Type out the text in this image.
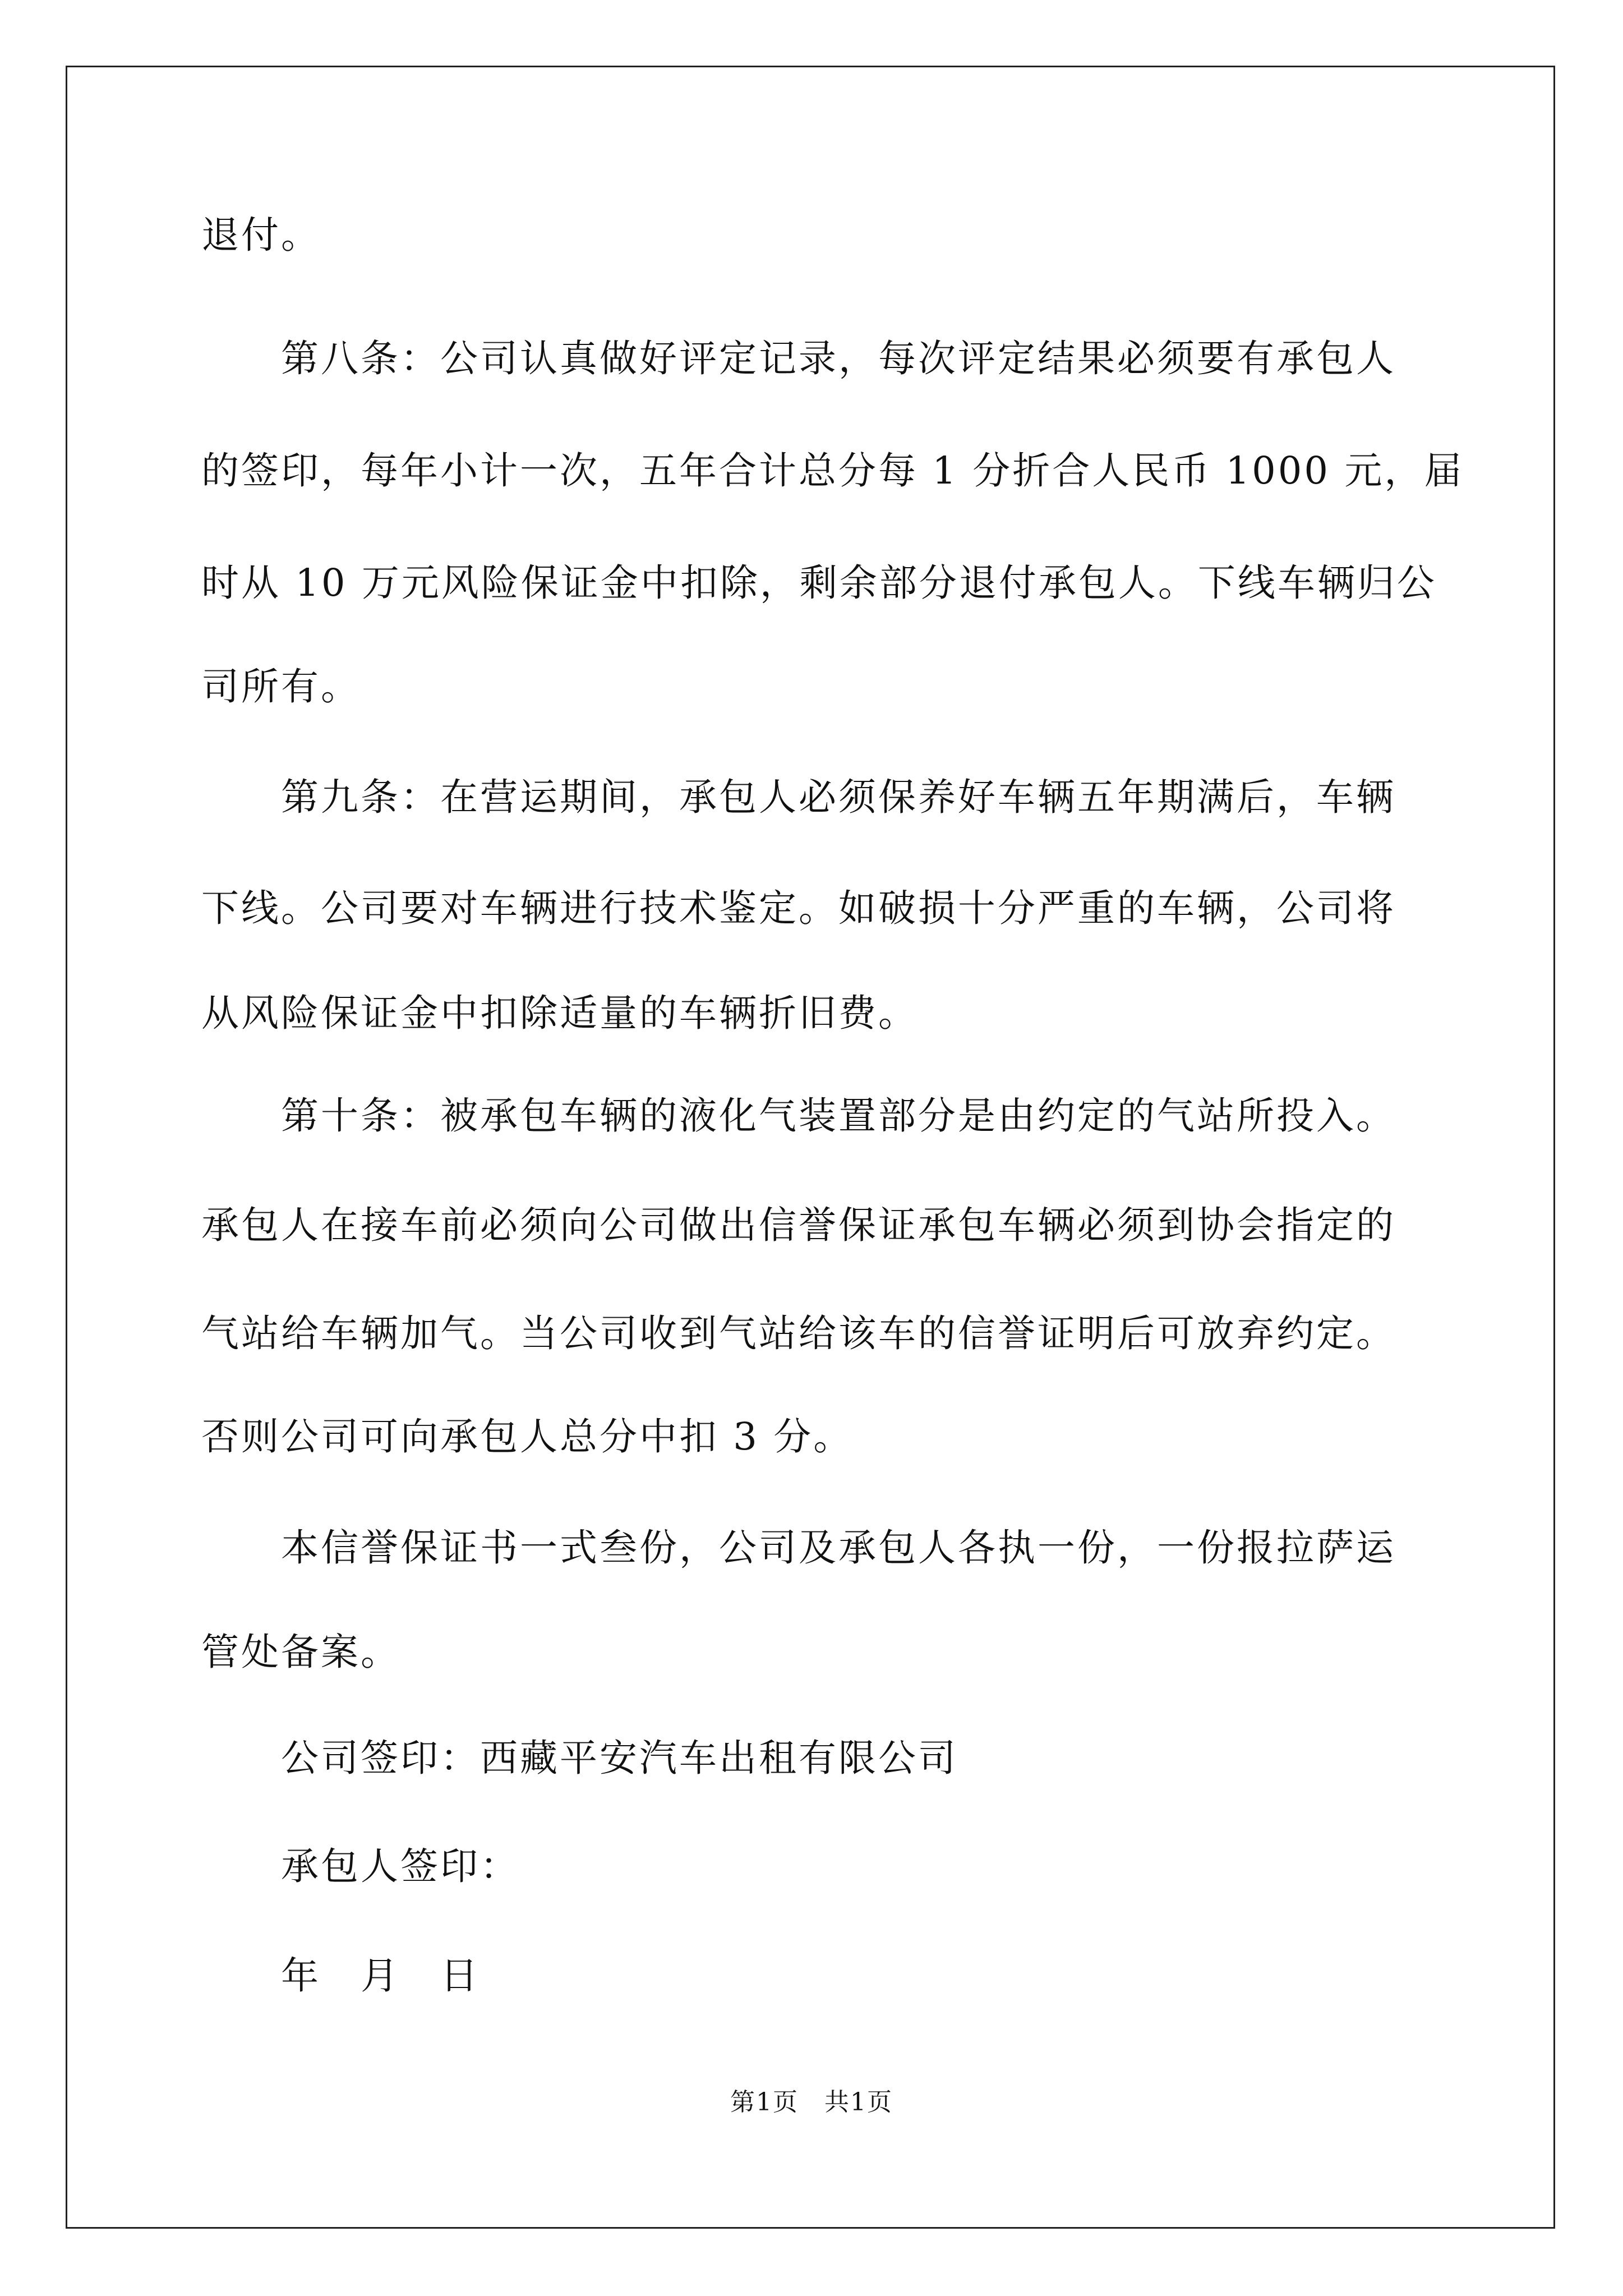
退付。

　　第八条：公司认真做好评定记录，每次评定结果必须要有承包人

的签印，每年小计一次，五年合计总分每 1 分折合人民币 1000 元，届

时从 10 万元风险保证金中扣除，剩余部分退付承包人。下线车辆归公

司所有。

　　第九条：在营运期间，承包人必须保养好车辆五年期满后，车辆

下线。公司要对车辆进行技术鉴定。如破损十分严重的车辆，公司将

从风险保证金中扣除适量的车辆折旧费。

　　第十条：被承包车辆的液化气装置部分是由约定的气站所投入。

承包人在接车前必须向公司做出信誉保证承包车辆必须到协会指定的

气站给车辆加气。当公司收到气站给该车的信誉证明后可放弃约定。

否则公司可向承包人总分中扣 3 分。

　　本信誉保证书一式叁份，公司及承包人各执一份，一份报拉萨运

管处备案。

　　公司签印：西藏平安汽车出租有限公司

　　承包人签印：

　　年　月　日

第1页　共1页
